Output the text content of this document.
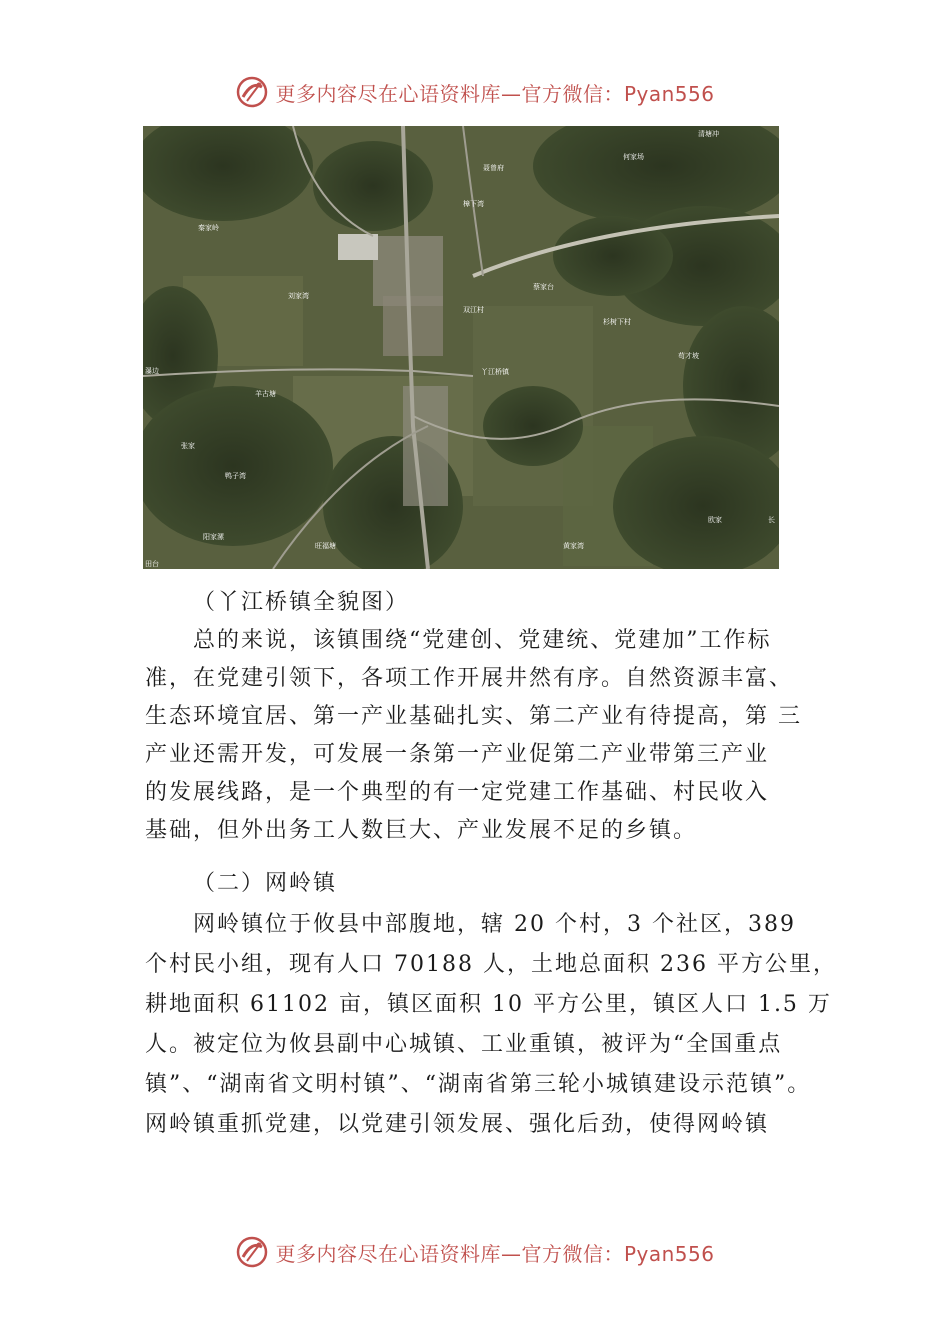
更多内容尽在心语资料库—官方微信：Pyan556
清塘冲
聂曾府
何家场
樟下湾
秦家岭
蔡家台
刘家湾
双江村
杉树下村
苟才坡
瀑边	丫江桥镇
羊古塘
张家
鸭子湾
欧家	长
阳家漯
田台
旺福塘	黄家湾
（丫江桥镇全貌图）
总的来说，该镇围绕“党建创、党建统、党建加”工作标
准，在党建引领下，各项工作开展井然有序。自然资源丰富、
生态环境宜居、第一产业基础扎实、第二产业有待提高，第 三
产业还需开发，可发展一条第一产业促第二产业带第三产业
的发展线路，是一个典型的有一定党建工作基础、村民收入
基础，但外出务工人数巨大、产业发展不足的乡镇。
（二）网岭镇
网岭镇位于攸县中部腹地，辖 20 个村，3 个社区，389
个村民小组，现有人口 70188 人，土地总面积 236 平方公里，
耕地面积 61102 亩，镇区面积 10 平方公里，镇区人口 1.5 万
人。被定位为攸县副中心城镇、工业重镇，被评为“全国重点
镇”、“湖南省文明村镇”、“湖南省第三轮小城镇建设示范镇”。
网岭镇重抓党建，以党建引领发展、强化后劲，使得网岭镇
更多内容尽在心语资料库—官方微信：Pyan556
